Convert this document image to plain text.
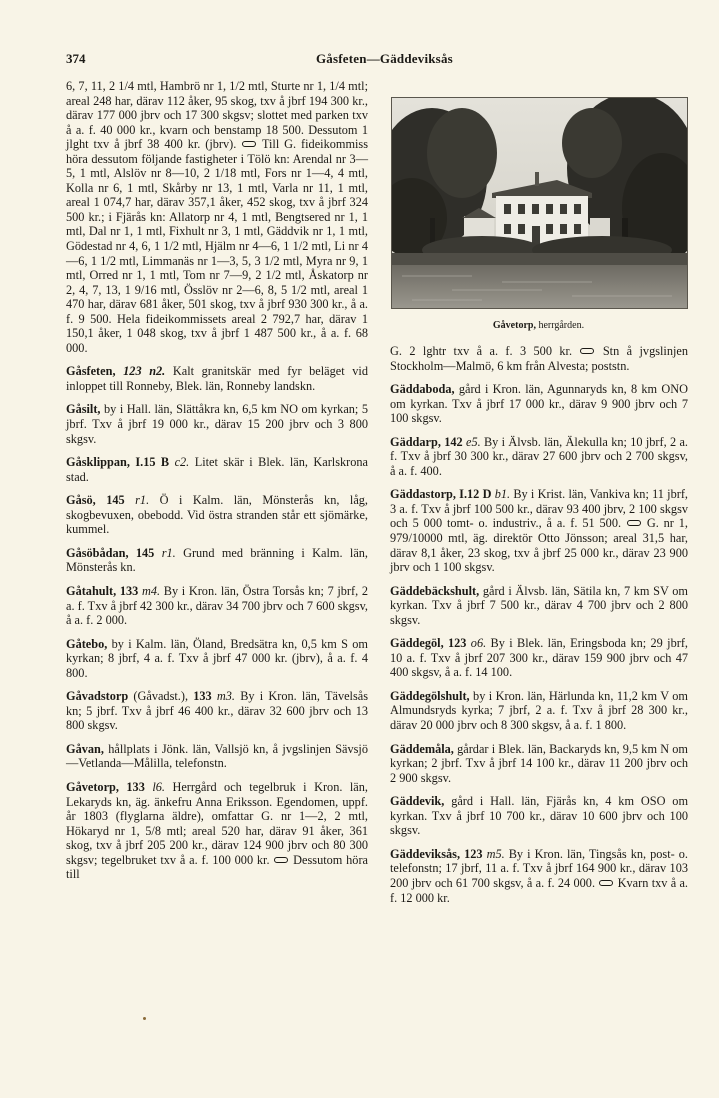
374	Gåsfeten—Gäddeviksås

6, 7, 11, 2 1/4 mtl, Hambrö nr 1, 1/2 mtl, Sturte nr 1, 1/4 mtl; areal 248 har, därav 112 åker, 95 skog, txv å jbrf 194 300 kr., därav 177 000 jbrv och 17 300 skgsv; slottet med parken txv å a. f. 40 000 kr., kvarn och benstamp 18 500. Dessutom 1 jlght txv å jbrf 38 400 kr. (jbrv). Till G. fideikommiss höra dessutom följande fastigheter i Tölö kn: Arendal nr 3—5, 1 mtl, Alslöv nr 8—10, 2 1/18 mtl, Fors nr 1—4, 4 mtl, Kolla nr 6, 1 mtl, Skårby nr 13, 1 mtl, Varla nr 11, 1 mtl, areal 1 074,7 har, därav 357,1 åker, 452 skog, txv å jbrf 324 500 kr.; i Fjärås kn: Allatorp nr 4, 1 mtl, Bengtsered nr 1, 1 mtl, Dal nr 1, 1 mtl, Fixhult nr 3, 1 mtl, Gäddvik nr 1, 1 mtl, Gödestad nr 4, 6, 1 1/2 mtl, Hjälm nr 4—6, 1 1/2 mtl, Li nr 4—6, 1 1/2 mtl, Limmanäs nr 1—3, 5, 3 1/2 mtl, Myra nr 9, 1 mtl, Orred nr 1, 1 mtl, Tom nr 7—9, 2 1/2 mtl, Åskatorp nr 2, 4, 7, 13, 1 9/16 mtl, Össlöv nr 2—6, 8, 5 1/2 mtl, areal 1 470 har, därav 681 åker, 501 skog, txv å jbrf 930 300 kr., å a. f. 9 500. Hela fideikommissets areal 2 792,7 har, därav 1 150,1 åker, 1 048 skog, txv å jbrf 1 487 500 kr., å a. f. 68 000.

Gåsfeten, 123 n2. Kalt granitskär med fyr beläget vid inloppet till Ronneby, Blek. län, Ronneby landskn.

Gåsilt, by i Hall. län, Slättåkra kn, 6,5 km NO om kyrkan; 5 jbrf. Txv å jbrf 19 000 kr., därav 15 200 jbrv och 3 800 skgsv.

Gåsklippan, I.15 B c2. Litet skär i Blek. län, Karlskrona stad.

Gåsö, 145 r1. Ö i Kalm. län, Mönsterås kn, låg, skogbevuxen, obebodd. Vid östra stranden står ett sjömärke, kummel.

Gåsöbådan, 145 r1. Grund med bränning i Kalm. län, Mönsterås kn.

Gåtahult, 133 m4. By i Kron. län, Östra Torsås kn; 7 jbrf, 2 a. f. Txv å jbrf 42 300 kr., därav 34 700 jbrv och 7 600 skgsv, å a. f. 2 000.

Gåtebo, by i Kalm. län, Öland, Bredsätra kn, 0,5 km S om kyrkan; 8 jbrf, 4 a. f. Txv å jbrf 47 000 kr. (jbrv), å a. f. 4 800.

Gåvadstorp (Gåvadst.), 133 m3. By i Kron. län, Tävelsås kn; 5 jbrf. Txv å jbrf 46 400 kr., därav 32 600 jbrv och 13 800 skgsv.

Gåvan, hållplats i Jönk. län, Vallsjö kn, å jvgslinjen Sävsjö—Vetlanda—Målilla, telefonstn.

Gåvetorp, 133 l6. Herrgård och tegelbruk i Kron. län, Lekaryds kn, äg. änkefru Anna Eriksson. Egendomen, uppf. år 1803 (flyglarna äldre), omfattar G. nr 1—2, 2 mtl, Hökaryd nr 1, 5/8 mtl; areal 520 har, därav 91 åker, 361 skog, txv å jbrf 205 200 kr., därav 124 900 jbrv och 80 300 skgsv; tegelbruket txv å a. f. 100 000 kr. Dessutom höra till

Gåvetorp, herrgården.

G. 2 lghtr txv å a. f. 3 500 kr.	Stn å jvgslinjen Stockholm—Malmö, 6 km från Alvesta; poststn.

Gäddaboda, gård i Kron. län, Agunnaryds kn, 8 km ONO om kyrkan. Txv å jbrf 17 000 kr., därav 9 900 jbrv och 7 100 skgsv.

Gäddarp, 142 e5. By i Älvsb. län, Älekulla kn; 10 jbrf, 2 a. f. Txv å jbrf 30 300 kr., därav 27 600 jbrv och 2 700 skgsv, å a. f. 400.

Gäddastorp, I.12 D b1. By i Krist. län, Vankiva kn; 11 jbrf, 3 a. f. Txv å jbrf 100 500 kr., därav 93 400 jbrv, 2 100 skgsv och 5 000 tomt- o. industriv., å a. f. 51 500. G. nr 1, 979/10000 mtl, äg. direktör Otto Jönsson; areal 31,5 har, därav 8,1 åker, 23 skog, txv å jbrf 25 000 kr., därav 23 900 jbrv och 1 100 skgsv.

Gäddebäckshult, gård i Älvsb. län, Sätila kn, 7 km SV om kyrkan. Txv å jbrf 7 500 kr., därav 4 700 jbrv och 2 800 skgsv.

Gäddegöl, 123 o6. By i Blek. län, Eringsboda kn; 29 jbrf, 10 a. f. Txv å jbrf 207 300 kr., därav 159 900 jbrv och 47 400 skgsv, å a. f. 14 100.

Gäddegölshult, by i Kron. län, Härlunda kn, 11,2 km V om Almundsryds kyrka; 7 jbrf, 2 a. f. Txv å jbrf 28 300 kr., därav 20 000 jbrv och 8 300 skgsv, å a. f. 1 800.

Gäddemåla, gårdar i Blek. län, Backaryds kn, 9,5 km N om kyrkan; 2 jbrf. Txv å jbrf 14 100 kr., därav 11 200 jbrv och 2 900 skgsv.

Gäddevik, gård i Hall. län, Fjärås kn, 4 km OSO om kyrkan. Txv å jbrf 10 700 kr., därav 10 600 jbrv och 100 skgsv.

Gäddeviksås, 123 m5. By i Kron. län, Tingsås kn, post- o. telefonstn; 17 jbrf, 11 a. f. Txv å jbrf 164 900 kr., därav 103 200 jbrv och 61 700 skgsv, å a. f. 24 000. Kvarn txv å a. f. 12 000 kr.
